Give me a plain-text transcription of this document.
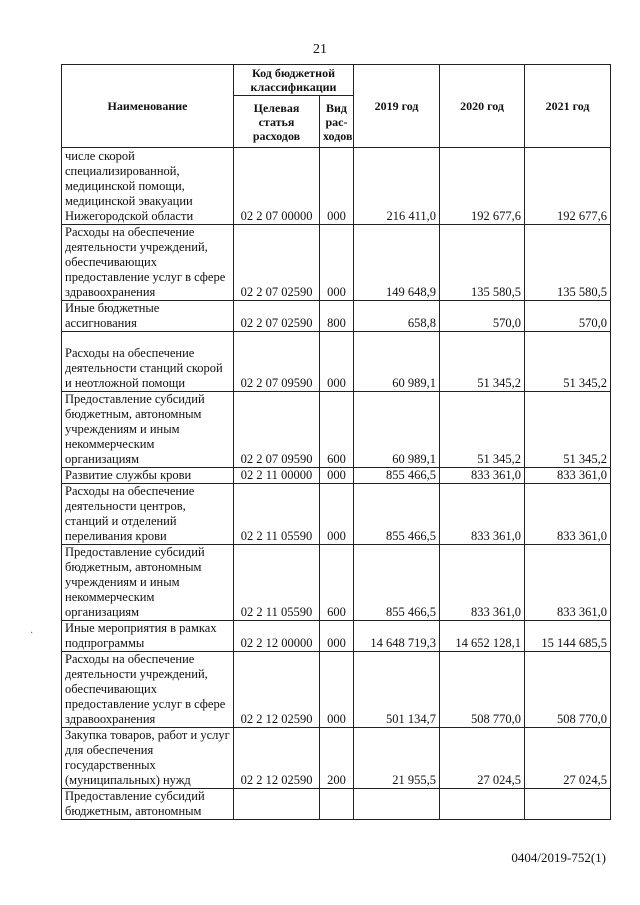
21
Наименование	Код бюджетной классификации		2019 год	2020 год	2021 год
	Целевая статья расходов	Вид рас-ходов			
числе скорой специализированной, медицинской помощи, медицинской эвакуации Нижегородской области	02 2 07 00000	000	216 411,0	192 677,6	192 677,6
Расходы на обеспечение деятельности учреждений, обеспечивающих предоставление услуг в сфере здравоохранения	02 2 07 02590	000	149 648,9	135 580,5	135 580,5
Иные бюджетные ассигнования	02 2 07 02590	800	658,8	570,0	570,0
Расходы на обеспечение деятельности станций скорой и неотложной помощи	02 2 07 09590	000	60 989,1	51 345,2	51 345,2
Предоставление субсидий бюджетным, автономным учреждениям и иным некоммерческим организациям	02 2 07 09590	600	60 989,1	51 345,2	51 345,2
Развитие службы крови	02 2 11 00000	000	855 466,5	833 361,0	833 361,0
Расходы на обеспечение деятельности центров, станций и отделений переливания крови	02 2 11 05590	000	855 466,5	833 361,0	833 361,0
Предоставление субсидий бюджетным, автономным учреждениям и иным некоммерческим организациям	02 2 11 05590	600	855 466,5	833 361,0	833 361,0
Иные мероприятия в рамках подпрограммы	02 2 12 00000	000	14 648 719,3	14 652 128,1	15 144 685,5
Расходы на обеспечение деятельности учреждений, обеспечивающих предоставление услуг в сфере здравоохранения	02 2 12 02590	000	501 134,7	508 770,0	508 770,0
Закупка товаров, работ и услуг для обеспечения государственных (муниципальных) нужд	02 2 12 02590	200	21 955,5	27 024,5	27 024,5
Предоставление субсидий бюджетным, автономным					
·
0404/2019-752(1)
